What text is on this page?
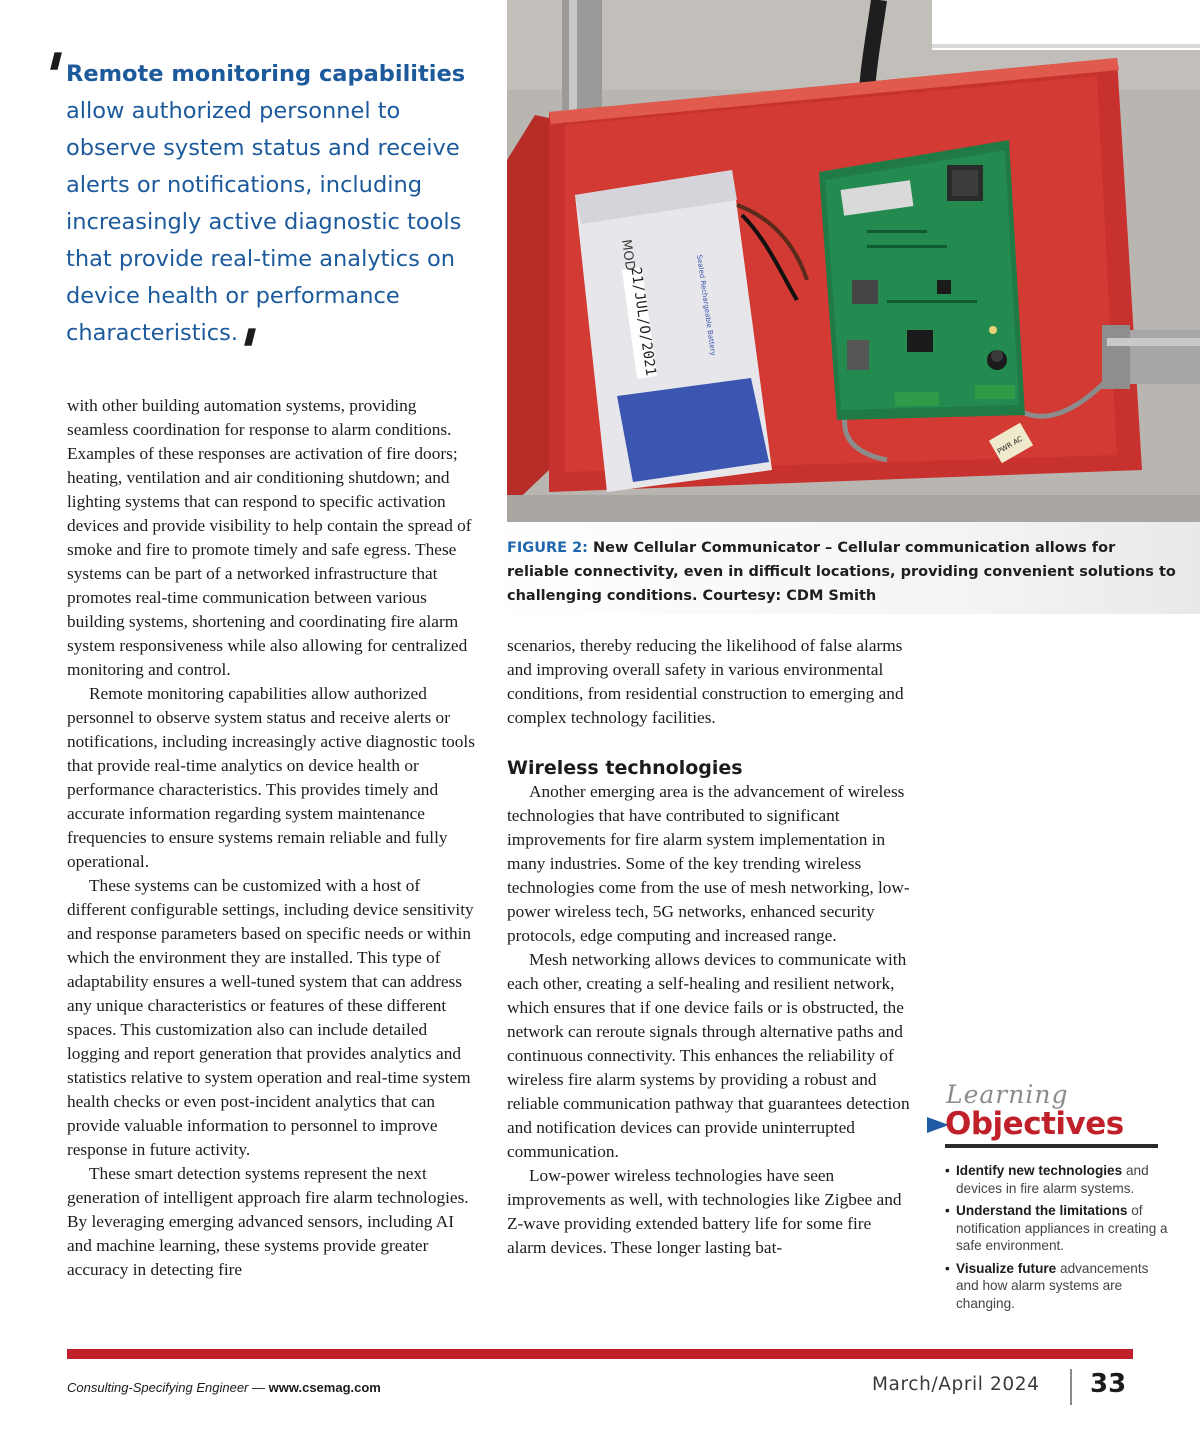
'
Remote monitoring capabilities allow authorized personnel to observe system status and receive alerts or notifications, including increasingly active diagnostic tools that provide real-time analytics on device health or performance characteristics.
'

with other building automation systems, providing seamless coordination for response to alarm conditions. Examples of these responses are activation of fire doors; heating, ventilation and air conditioning shutdown; and lighting systems that can respond to specific activation devices and provide visibility to help contain the spread of smoke and fire to promote timely and safe egress. These systems can be part of a networked infrastructure that promotes real-time communication between various building systems, shortening and coordinating fire alarm system responsiveness while also allowing for centralized monitoring and control.

Remote monitoring capabilities allow authorized personnel to observe system status and receive alerts or notifications, including increasingly active diagnostic tools that provide real-time analytics on device health or performance characteristics. This provides timely and accurate information regarding system maintenance frequencies to ensure systems remain reliable and fully operational.

These systems can be customized with a host of different configurable settings, including device sensitivity and response parameters based on specific needs or within which the environment they are installed. This type of adaptability ensures a well-tuned system that can address any unique characteristics or features of these different spaces. This customization also can include detailed logging and report generation that provides analytics and statistics relative to system operation and real-time system health checks or even post-incident analytics that can provide valuable information to personnel to improve response in future activity.

These smart detection systems represent the next generation of intelligent approach fire alarm technologies. By leveraging emerging advanced sensors, including AI and machine learning, these systems provide greater accuracy in detecting fire

21/JUL/O/2021
MOD	Sealed Rechargeable Battery
PWR AC
FIGURE 2: New Cellular Communicator – Cellular communication allows for reliable connectivity, even in difficult locations, providing convenient solutions to challenging conditions. Courtesy: CDM Smith

scenarios, thereby reducing the likelihood of false alarms and improving overall safety in various environmental conditions, from residential construction to emerging and complex technology facilities.

Wireless technologies

Another emerging area is the advancement of wireless technologies that have contributed to significant improvements for fire alarm system implementation in many industries. Some of the key trending wireless technologies come from the use of mesh networking, low-power wireless tech, 5G networks, enhanced security protocols, edge computing and increased range.

Mesh networking allows devices to communicate with each other, creating a self-healing and resilient network, which ensures that if one device fails or is obstructed, the network can reroute signals through alternative paths and continuous connectivity. This enhances the reliability of wireless fire alarm systems by providing a robust and reliable communication pathway that guarantees detection and notification devices can provide uninterrupted communication.

Low-power wireless technologies have seen improvements as well, with technologies like Zigbee and Z-wave providing extended battery life for some fire alarm devices. These longer lasting bat-

Learning
Objectives
• Identify new technologies and devices in fire alarm systems.
• Understand the limitations of notification appliances in creating a safe environment.
• Visualize future advancements and how alarm systems are changing.
Consulting-Specifying Engineer — www.csemag.com	March/April 2024 33
